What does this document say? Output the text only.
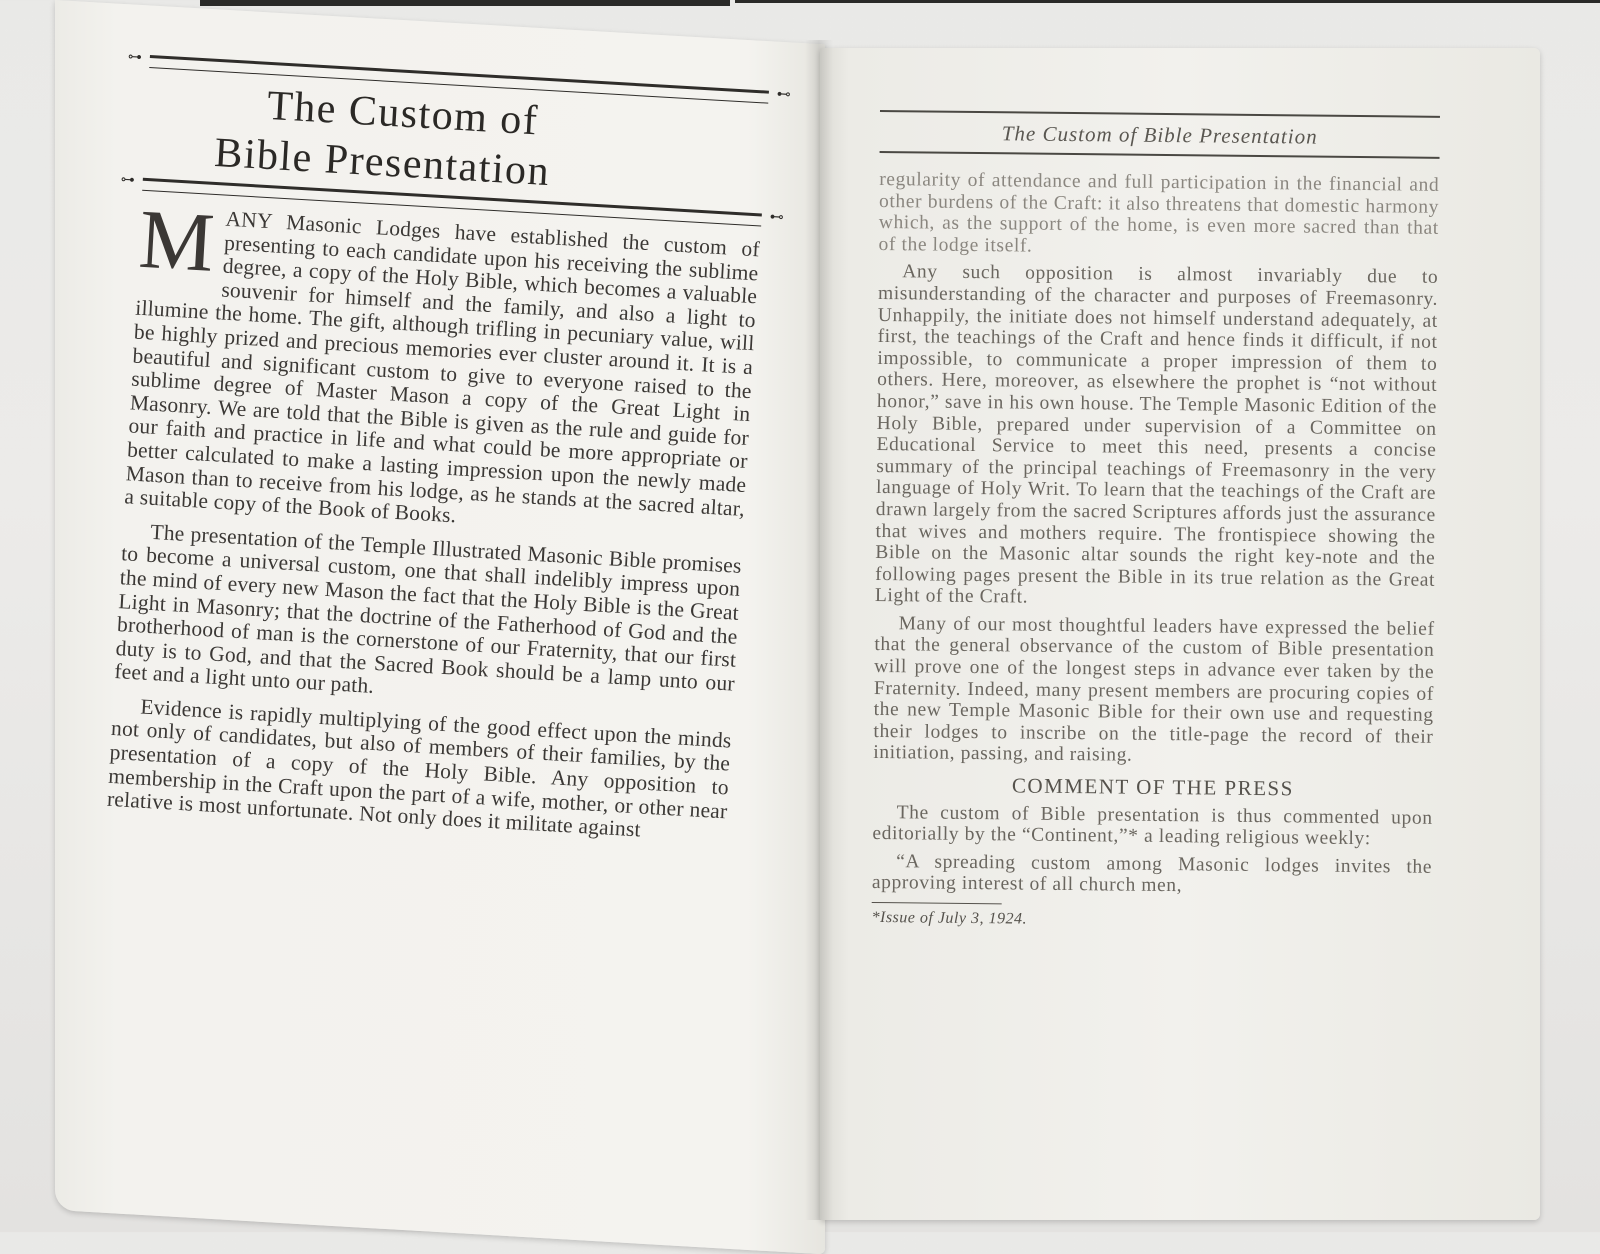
⊶
⊷
The Custom of
Bible Presentation
⊶
⊷

MANY Masonic Lodges have established the custom of presenting to each candidate upon his receiving the sublime degree, a copy of the Holy Bible, which becomes a valuable souvenir for himself and the family, and also a light to illumine the home. The gift, although trifling in pecuniary value, will be highly prized and precious memories ever cluster around it. It is a beautiful and significant custom to give to everyone raised to the sublime degree of Master Mason a copy of the Great Light in Masonry. We are told that the Bible is given as the rule and guide for our faith and practice in life and what could be more appropriate or better calculated to make a lasting impression upon the newly made Mason than to receive from his lodge, as he stands at the sacred altar, a suitable copy of the Book of Books.

The presentation of the Temple Illustrated Masonic Bible promises to become a universal custom, one that shall indelibly impress upon the mind of every new Mason the fact that the Holy Bible is the Great Light in Masonry; that the doctrine of the Fatherhood of God and the brotherhood of man is the cornerstone of our Fraternity, that our first duty is to God, and that the Sacred Book should be a lamp unto our feet and a light unto our path.

Evidence is rapidly multiplying of the good effect upon the minds not only of candidates, but also of members of their families, by the presentation of a copy of the Holy Bible. Any opposition to membership in the Craft upon the part of a wife, mother, or other near relative is most unfortunate. Not only does it militate against

The Custom of Bible Presentation

regularity of attendance and full participation in the financial and other burdens of the Craft: it also threatens that domestic harmony which, as the support of the home, is even more sacred than that of the lodge itself.

Any such opposition is almost invariably due to misunderstanding of the character and purposes of Freemasonry. Unhappily, the initiate does not himself understand adequately, at first, the teachings of the Craft and hence finds it difficult, if not impossible, to communicate a proper impression of them to others. Here, moreover, as elsewhere the prophet is “not without honor,” save in his own house. The Temple Masonic Edition of the Holy Bible, prepared under supervision of a Committee on Educational Service to meet this need, presents a concise summary of the principal teachings of Freemasonry in the very language of Holy Writ. To learn that the teachings of the Craft are drawn largely from the sacred Scriptures affords just the assurance that wives and mothers require. The frontispiece showing the Bible on the Masonic altar sounds the right key-note and the following pages present the Bible in its true relation as the Great Light of the Craft.

Many of our most thoughtful leaders have expressed the belief that the general observance of the custom of Bible presentation will prove one of the longest steps in advance ever taken by the Fraternity. Indeed, many present members are procuring copies of the new Temple Masonic Bible for their own use and requesting their lodges to inscribe on the title-page the record of their initiation, passing, and raising.

COMMENT OF THE PRESS

The custom of Bible presentation is thus commented upon editorially by the “Continent,”* a leading religious weekly:

“A spreading custom among Masonic lodges invites the approving interest of all church men,

*Issue of July 3, 1924.
